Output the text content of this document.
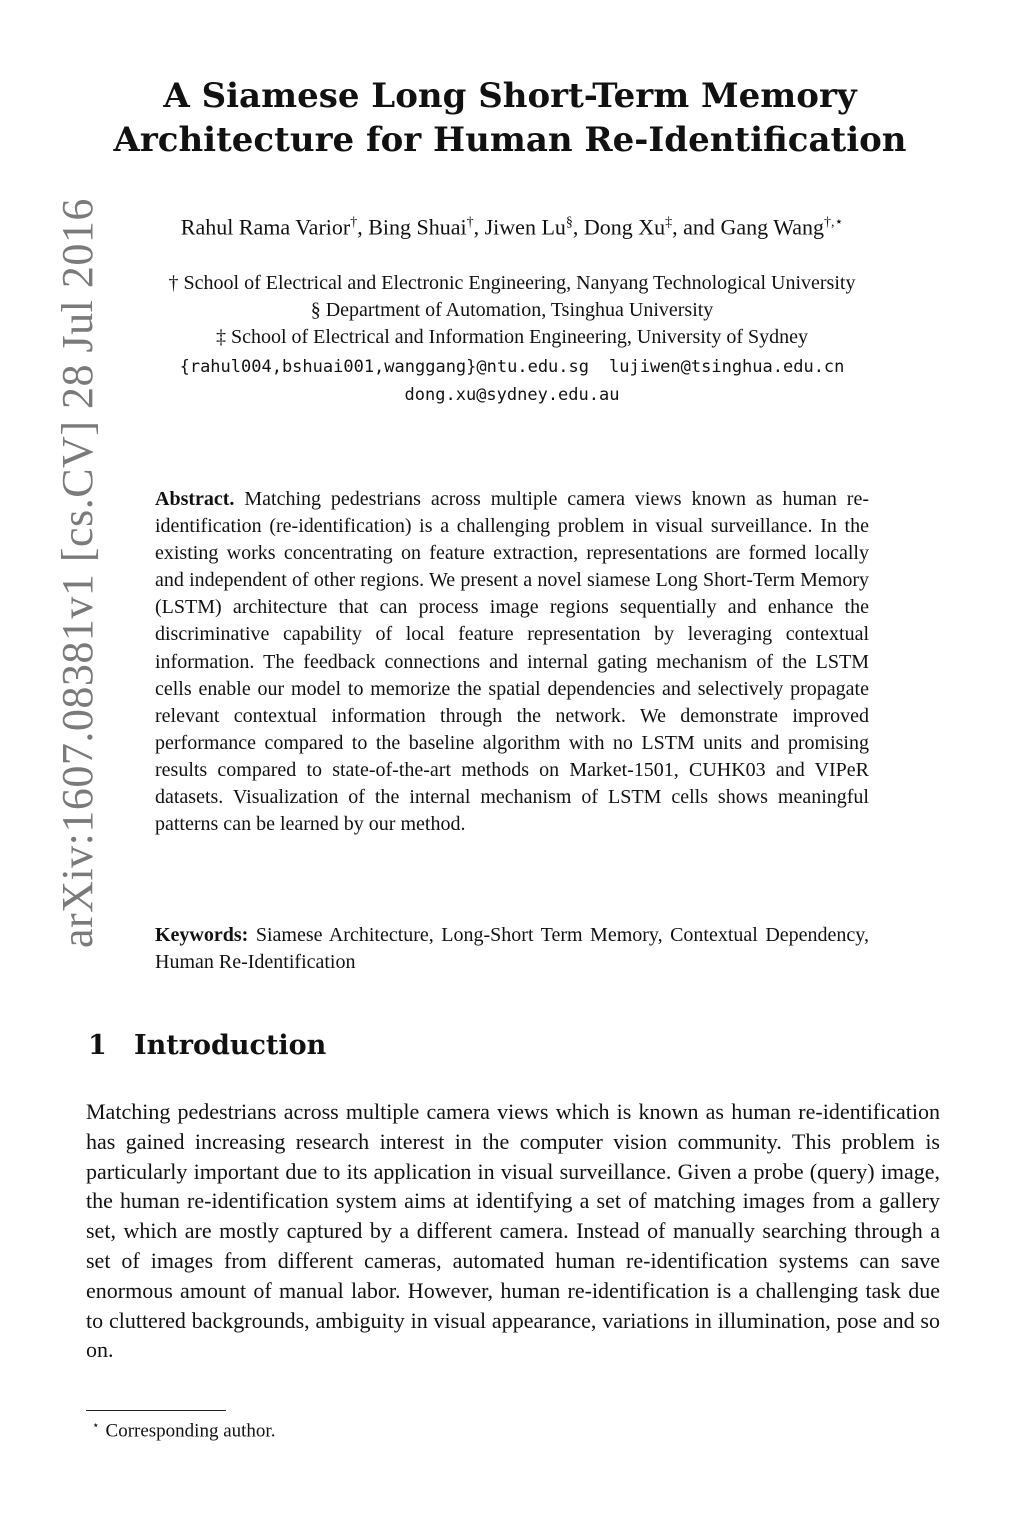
arXiv:1607.08381v1 [cs.CV] 28 Jul 2016
A Siamese Long Short-Term Memory
Architecture for Human Re-Identification
Rahul Rama Varior†, Bing Shuai†, Jiwen Lu§, Dong Xu‡, and Gang Wang†,⋆
† School of Electrical and Electronic Engineering, Nanyang Technological University
§ Department of Automation, Tsinghua University
‡ School of Electrical and Information Engineering, University of Sydney
{rahul004,bshuai001,wanggang}@ntu.edu.sg lujiwen@tsinghua.edu.cn
dong.xu@sydney.edu.au
Abstract. Matching pedestrians across multiple camera views known as human re-identification (re-identification) is a challenging problem in visual surveillance. In the existing works concentrating on feature extraction, representations are formed locally and independent of other regions. We present a novel siamese Long Short-Term Memory (LSTM) architecture that can process image regions sequentially and enhance the discriminative capability of local feature representation by leveraging contextual information. The feedback connections and internal gating mechanism of the LSTM cells enable our model to memorize the spatial dependencies and selectively propagate relevant contextual information through the network. We demonstrate improved performance compared to the baseline algorithm with no LSTM units and promising results compared to state-of-the-art methods on Market-1501, CUHK03 and VIPeR datasets. Visualization of the internal mechanism of LSTM cells shows meaningful patterns can be learned by our method.
Keywords: Siamese Architecture, Long-Short Term Memory, Contextual Dependency, Human Re-Identification
1 Introduction
Matching pedestrians across multiple camera views which is known as human re-identification has gained increasing research interest in the computer vision community. This problem is particularly important due to its application in visual surveillance. Given a probe (query) image, the human re-identification system aims at identifying a set of matching images from a gallery set, which are mostly captured by a different camera. Instead of manually searching through a set of images from different cameras, automated human re-identification systems can save enormous amount of manual labor. However, human re-identification is a challenging task due to cluttered backgrounds, ambiguity in visual appearance, variations in illumination, pose and so on.
⋆ Corresponding author.
